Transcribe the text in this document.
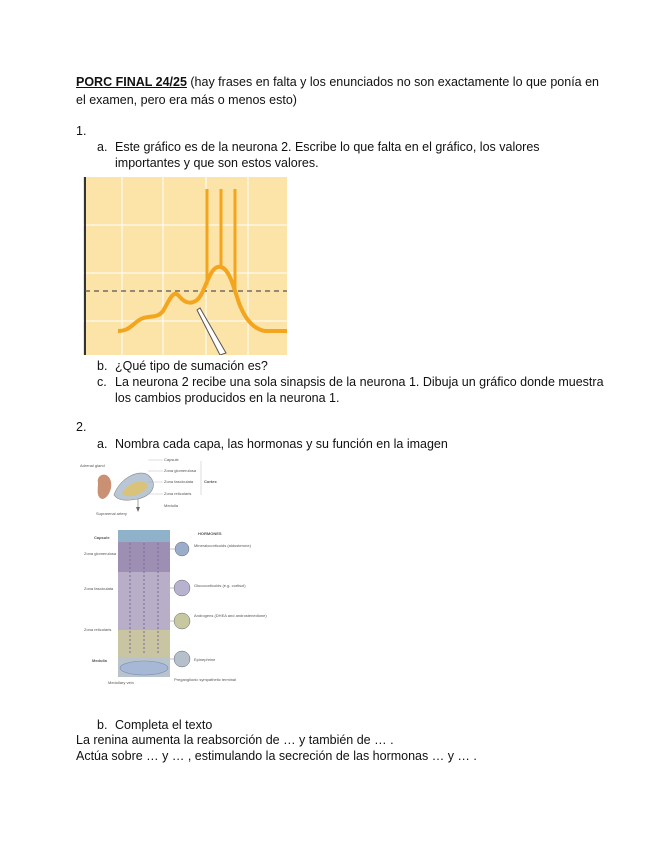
PORC FINAL 24/25 (hay frases en falta y los enunciados no son exactamente lo que ponía en
el examen, pero era más o menos esto)
1.
a. Este gráfico es de la neurona 2. Escribe lo que falta en el gráfico, los valores
importantes y que son estos valores.
b. ¿Qué tipo de sumación es?
c. La neurona 2 recibe una sola sinapsis de la neurona 1. Dibuja un gráfico donde muestra
los cambios producidos en la neurona 1.
2.
a. Nombra cada capa, las hormonas y su función en la imagen
Adrenal gland
Capsule
Zona glomerulosa
Zona fasciculata
Zona reticularis
Cortex
Medulla
Suprarenal artery
Capsule
Zona glomerulosa
Zona fasciculata
Zona reticularis
Medulla
Medullary vein
HORMONES
Mineralocorticoids (aldosterone)
Glucocorticoids (e.g. cortisol)
Androgens (DHEA and androstenedione)
Epinephrine
Preganglionic sympathetic terminal
b. Completa el texto
La renina aumenta la reabsorción de … y también de … .
Actúa sobre … y … , estimulando la secreción de las hormonas … y … .
